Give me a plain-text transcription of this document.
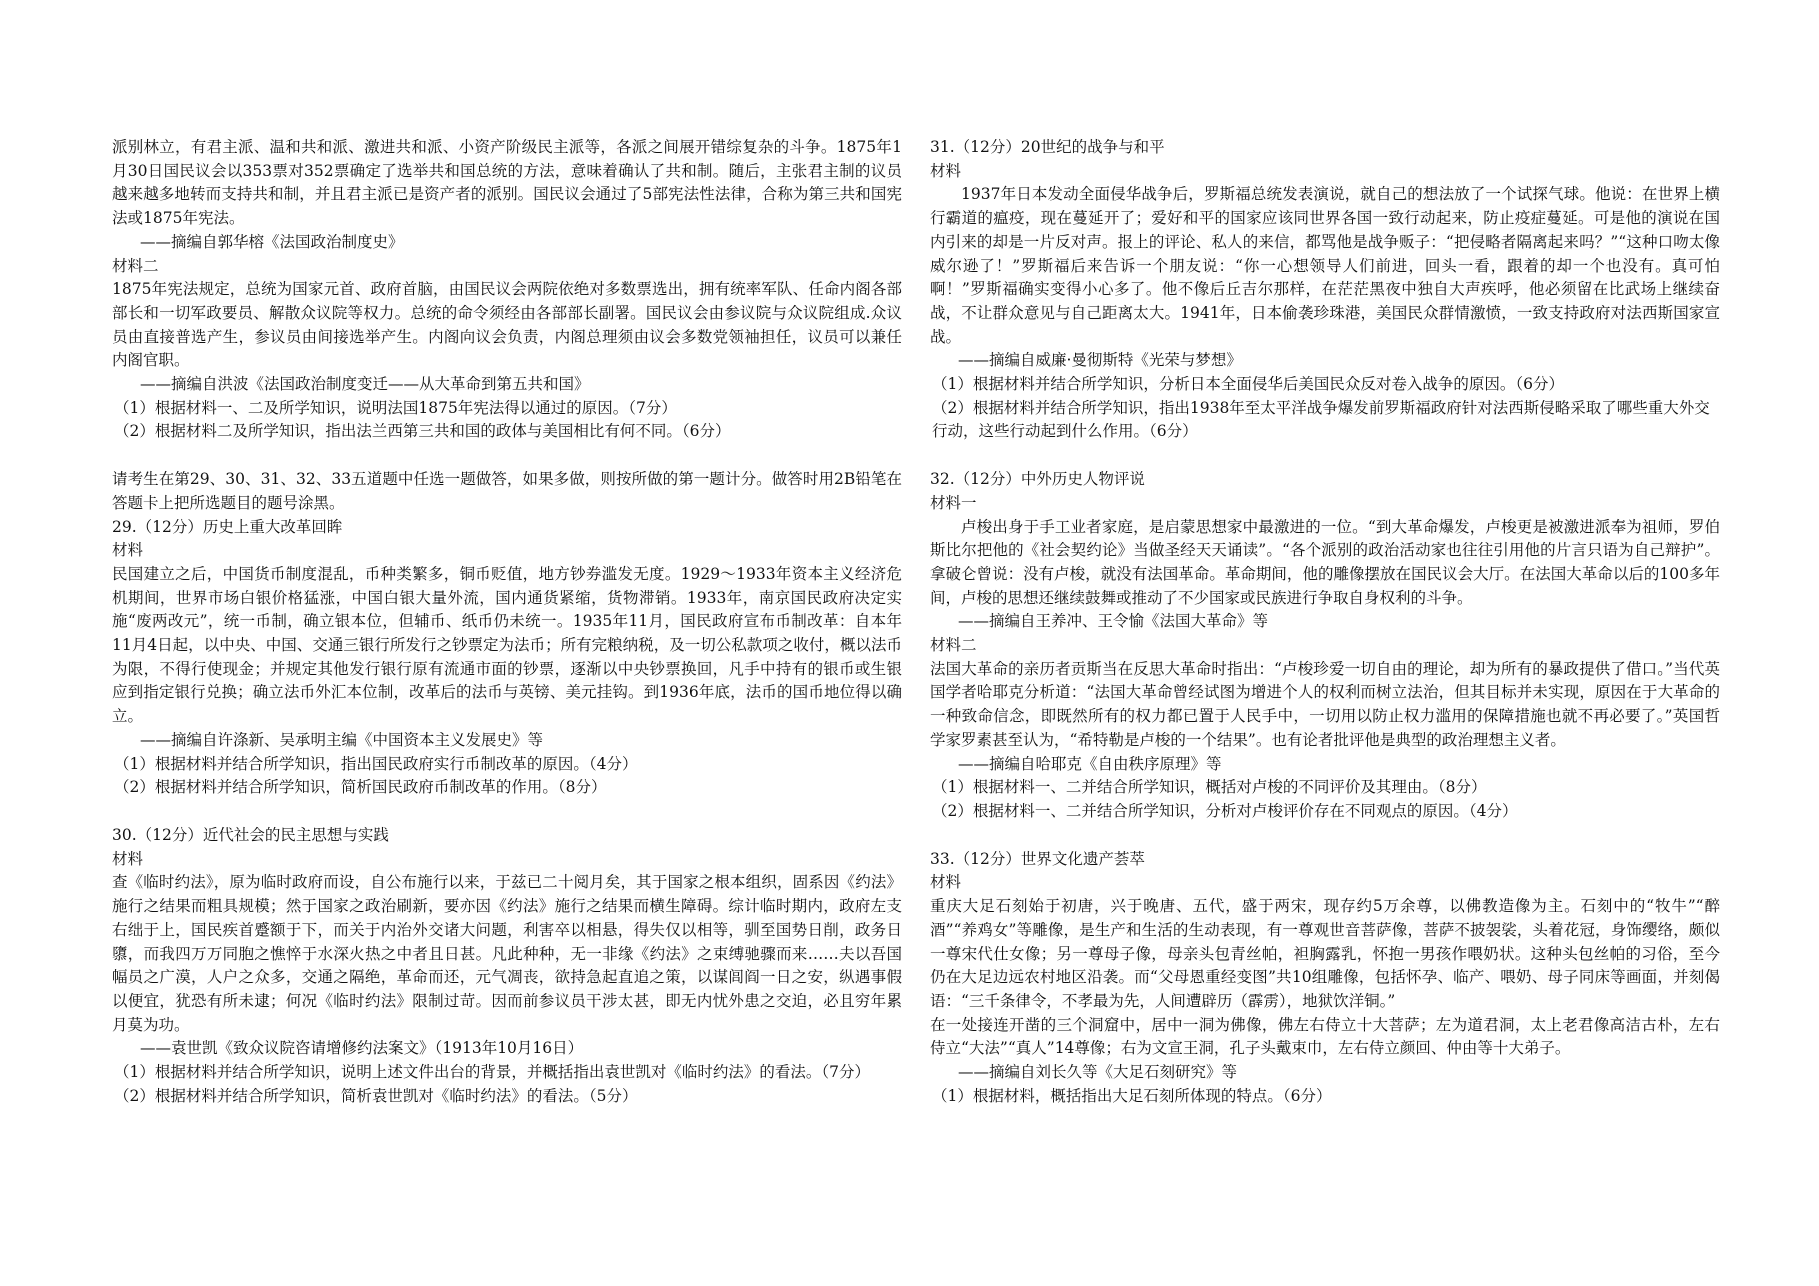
派别林立，有君主派、温和共和派、激进共和派、小资产阶级民主派等，各派之间展开错综复杂的斗争。1875年1月30日国民议会以353票对352票确定了选举共和国总统的方法，意味着确认了共和制。随后，主张君主制的议员越来越多地转而支持共和制，并且君主派已是资产者的派别。国民议会通过了5部宪法性法律，合称为第三共和国宪法或1875年宪法。

——摘编自郭华榕《法国政治制度史》

材料二

1875年宪法规定，总统为国家元首、政府首脑，由国民议会两院依绝对多数票选出，拥有统率军队、任命内阁各部部长和一切军政要员、解散众议院等权力。总统的命令须经由各部部长副署。国民议会由参议院与众议院组成.众议员由直接普选产生，参议员由间接选举产生。内阁向议会负责，内阁总理须由议会多数党领袖担任，议员可以兼任内阁官职。

——摘编自洪波《法国政治制度变迁——从大革命到第五共和国》

（1）根据材料一、二及所学知识，说明法国1875年宪法得以通过的原因。（7分）

（2）根据材料二及所学知识，指出法兰西第三共和国的政体与美国相比有何不同。（6分）

请考生在第29、30、31、32、33五道题中任选一题做答，如果多做，则按所做的第一题计分。做答时用2B铅笔在答题卡上把所选题目的题号涂黑。

29.（12分）历史上重大改革回眸

材料

民国建立之后，中国货币制度混乱，币种类繁多，铜币贬值，地方钞券滥发无度。1929～1933年资本主义经济危机期间，世界市场白银价格猛涨，中国白银大量外流，国内通货紧缩，货物滞销。1933年，南京国民政府决定实施“废两改元”，统一币制，确立银本位，但辅币、纸币仍未统一。1935年11月，国民政府宣布币制改革：自本年11月4日起，以中央、中国、交通三银行所发行之钞票定为法币；所有完粮纳税，及一切公私款项之收付，概以法币为限，不得行使现金；并规定其他发行银行原有流通市面的钞票，逐渐以中央钞票换回，凡手中持有的银币或生银应到指定银行兑换；确立法币外汇本位制，改革后的法币与英镑、美元挂钩。到1936年底，法币的国币地位得以确立。

——摘编自许涤新、吴承明主编《中国资本主义发展史》等

（1）根据材料并结合所学知识，指出国民政府实行币制改革的原因。（4分）

（2）根据材料并结合所学知识，简析国民政府币制改革的作用。（8分）

30.（12分）近代社会的民主思想与实践

材料

查《临时约法》，原为临时政府而设，自公布施行以来，于兹已二十阅月矣，其于国家之根本组织，固系因《约法》施行之结果而粗具规模；然于国家之政治刷新，要亦因《约法》施行之结果而横生障碍。综计临时期内，政府左支右绌于上，国民疾首蹙额于下，而关于内治外交诸大问题，利害卒以相悬，得失仅以相等，驯至国势日削，政务日隳，而我四万万同胞之憔悴于水深火热之中者且日甚。凡此种种，无一非缘《约法》之束缚驰骤而来……夫以吾国幅员之广漠，人户之众多，交通之隔绝，革命而还，元气凋丧，欲持急起直追之策，以谋闾阎一日之安，纵遇事假以便宜，犹恐有所未逮；何况《临时约法》限制过苛。因而前参议员干涉太甚，即无内忧外患之交迫，必且穷年累月莫为功。

——袁世凯《致众议院咨请增修约法案文》（1913年10月16日）

（1）根据材料并结合所学知识，说明上述文件出台的背景，并概括指出袁世凯对《临时约法》的看法。（7分）

（2）根据材料并结合所学知识，简析袁世凯对《临时约法》的看法。（5分）

31.（12分）20世纪的战争与和平

材料

1937年日本发动全面侵华战争后，罗斯福总统发表演说，就自己的想法放了一个试探气球。他说：在世界上横行霸道的瘟疫，现在蔓延开了；爱好和平的国家应该同世界各国一致行动起来，防止疫症蔓延。可是他的演说在国内引来的却是一片反对声。报上的评论、私人的来信，都骂他是战争贩子：“把侵略者隔离起来吗？”“这种口吻太像威尔逊了！”罗斯福后来告诉一个朋友说：“你一心想领导人们前进，回头一看，跟着的却一个也没有。真可怕啊！”罗斯福确实变得小心多了。他不像后丘吉尔那样，在茫茫黑夜中独自大声疾呼，他必须留在比武场上继续奋战，不让群众意见与自己距离太大。1941年，日本偷袭珍珠港，美国民众群情激愤，一致支持政府对法西斯国家宣战。

——摘编自威廉·曼彻斯特《光荣与梦想》

（1）根据材料并结合所学知识，分析日本全面侵华后美国民众反对卷入战争的原因。（6分）

（2）根据材料并结合所学知识，指出1938年至太平洋战争爆发前罗斯福政府针对法西斯侵略采取了哪些重大外交行动，这些行动起到什么作用。（6分）

32.（12分）中外历史人物评说

材料一

卢梭出身于手工业者家庭，是启蒙思想家中最激进的一位。“到大革命爆发，卢梭更是被激进派奉为祖师，罗伯斯比尔把他的《社会契约论》当做圣经天天诵读”。“各个派别的政治活动家也往往引用他的片言只语为自己辩护”。拿破仑曾说：没有卢梭，就没有法国革命。革命期间，他的雕像摆放在国民议会大厅。在法国大革命以后的100多年间，卢梭的思想还继续鼓舞或推动了不少国家或民族进行争取自身权利的斗争。

——摘编自王养冲、王令愉《法国大革命》等

材料二

法国大革命的亲历者贡斯当在反思大革命时指出：“卢梭珍爱一切自由的理论，却为所有的暴政提供了借口。”当代英国学者哈耶克分析道：“法国大革命曾经试图为增进个人的权利而树立法治，但其目标并未实现，原因在于大革命的一种致命信念，即既然所有的权力都已置于人民手中，一切用以防止权力滥用的保障措施也就不再必要了。”英国哲学家罗素甚至认为，“希特勒是卢梭的一个结果”。也有论者批评他是典型的政治理想主义者。

——摘编自哈耶克《自由秩序原理》等

（1）根据材料一、二并结合所学知识，概括对卢梭的不同评价及其理由。（8分）

（2）根据材料一、二并结合所学知识，分析对卢梭评价存在不同观点的原因。（4分）

33.（12分）世界文化遗产荟萃

材料

重庆大足石刻始于初唐，兴于晚唐、五代，盛于两宋，现存约5万余尊，以佛教造像为主。石刻中的“牧牛”“醉酒”“养鸡女”等雕像，是生产和生活的生动表现，有一尊观世音菩萨像，菩萨不披袈裟，头着花冠，身饰缨络，颇似一尊宋代仕女像；另一尊母子像，母亲头包青丝帕，袒胸露乳，怀抱一男孩作喂奶状。这种头包丝帕的习俗，至今仍在大足边远农村地区沿袭。而“父母恩重经变图”共10组雕像，包括怀孕、临产、喂奶、母子同床等画面，并刻偈语：“三千条律令，不孝最为先，人间遭辟历（霹雳），地狱饮洋铜。”

在一处接连开凿的三个洞窟中，居中一洞为佛像，佛左右侍立十大菩萨；左为道君洞，太上老君像高洁古朴，左右侍立“大法”“真人”14尊像；右为文宣王洞，孔子头戴束巾，左右侍立颜回、仲由等十大弟子。

——摘编自刘长久等《大足石刻研究》等

（1）根据材料，概括指出大足石刻所体现的特点。（6分）
